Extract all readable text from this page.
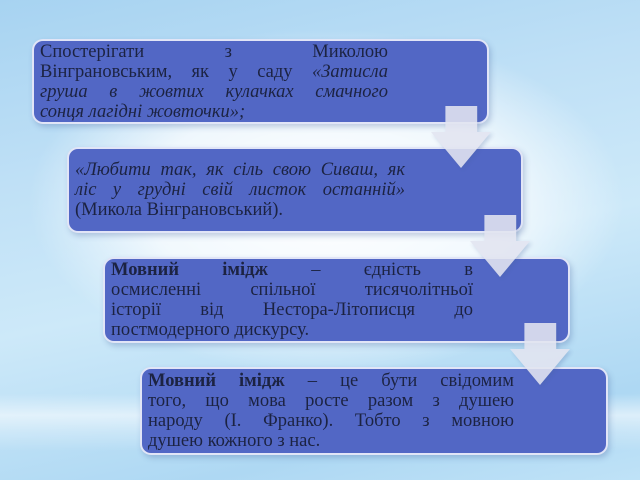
Спостерігати з Миколою
Вінграновським, як у саду «Затисла
груша в жовтих кулачках смачного
сонця лагідні жовточки»;
«Любити так, як сіль свою Сиваш, як
ліс у грудні свій листок останній»
(Микола Вінграновський).
Мовний імідж – єдність в
осмисленні спільної тисячолітньої
історії від Нестора-Літописця до
постмодерного дискурсу.
Мовний імідж – це бути свідомим
того, що мова росте разом з душею
народу (І. Франко). Тобто з мовною
душею кожного з нас.
